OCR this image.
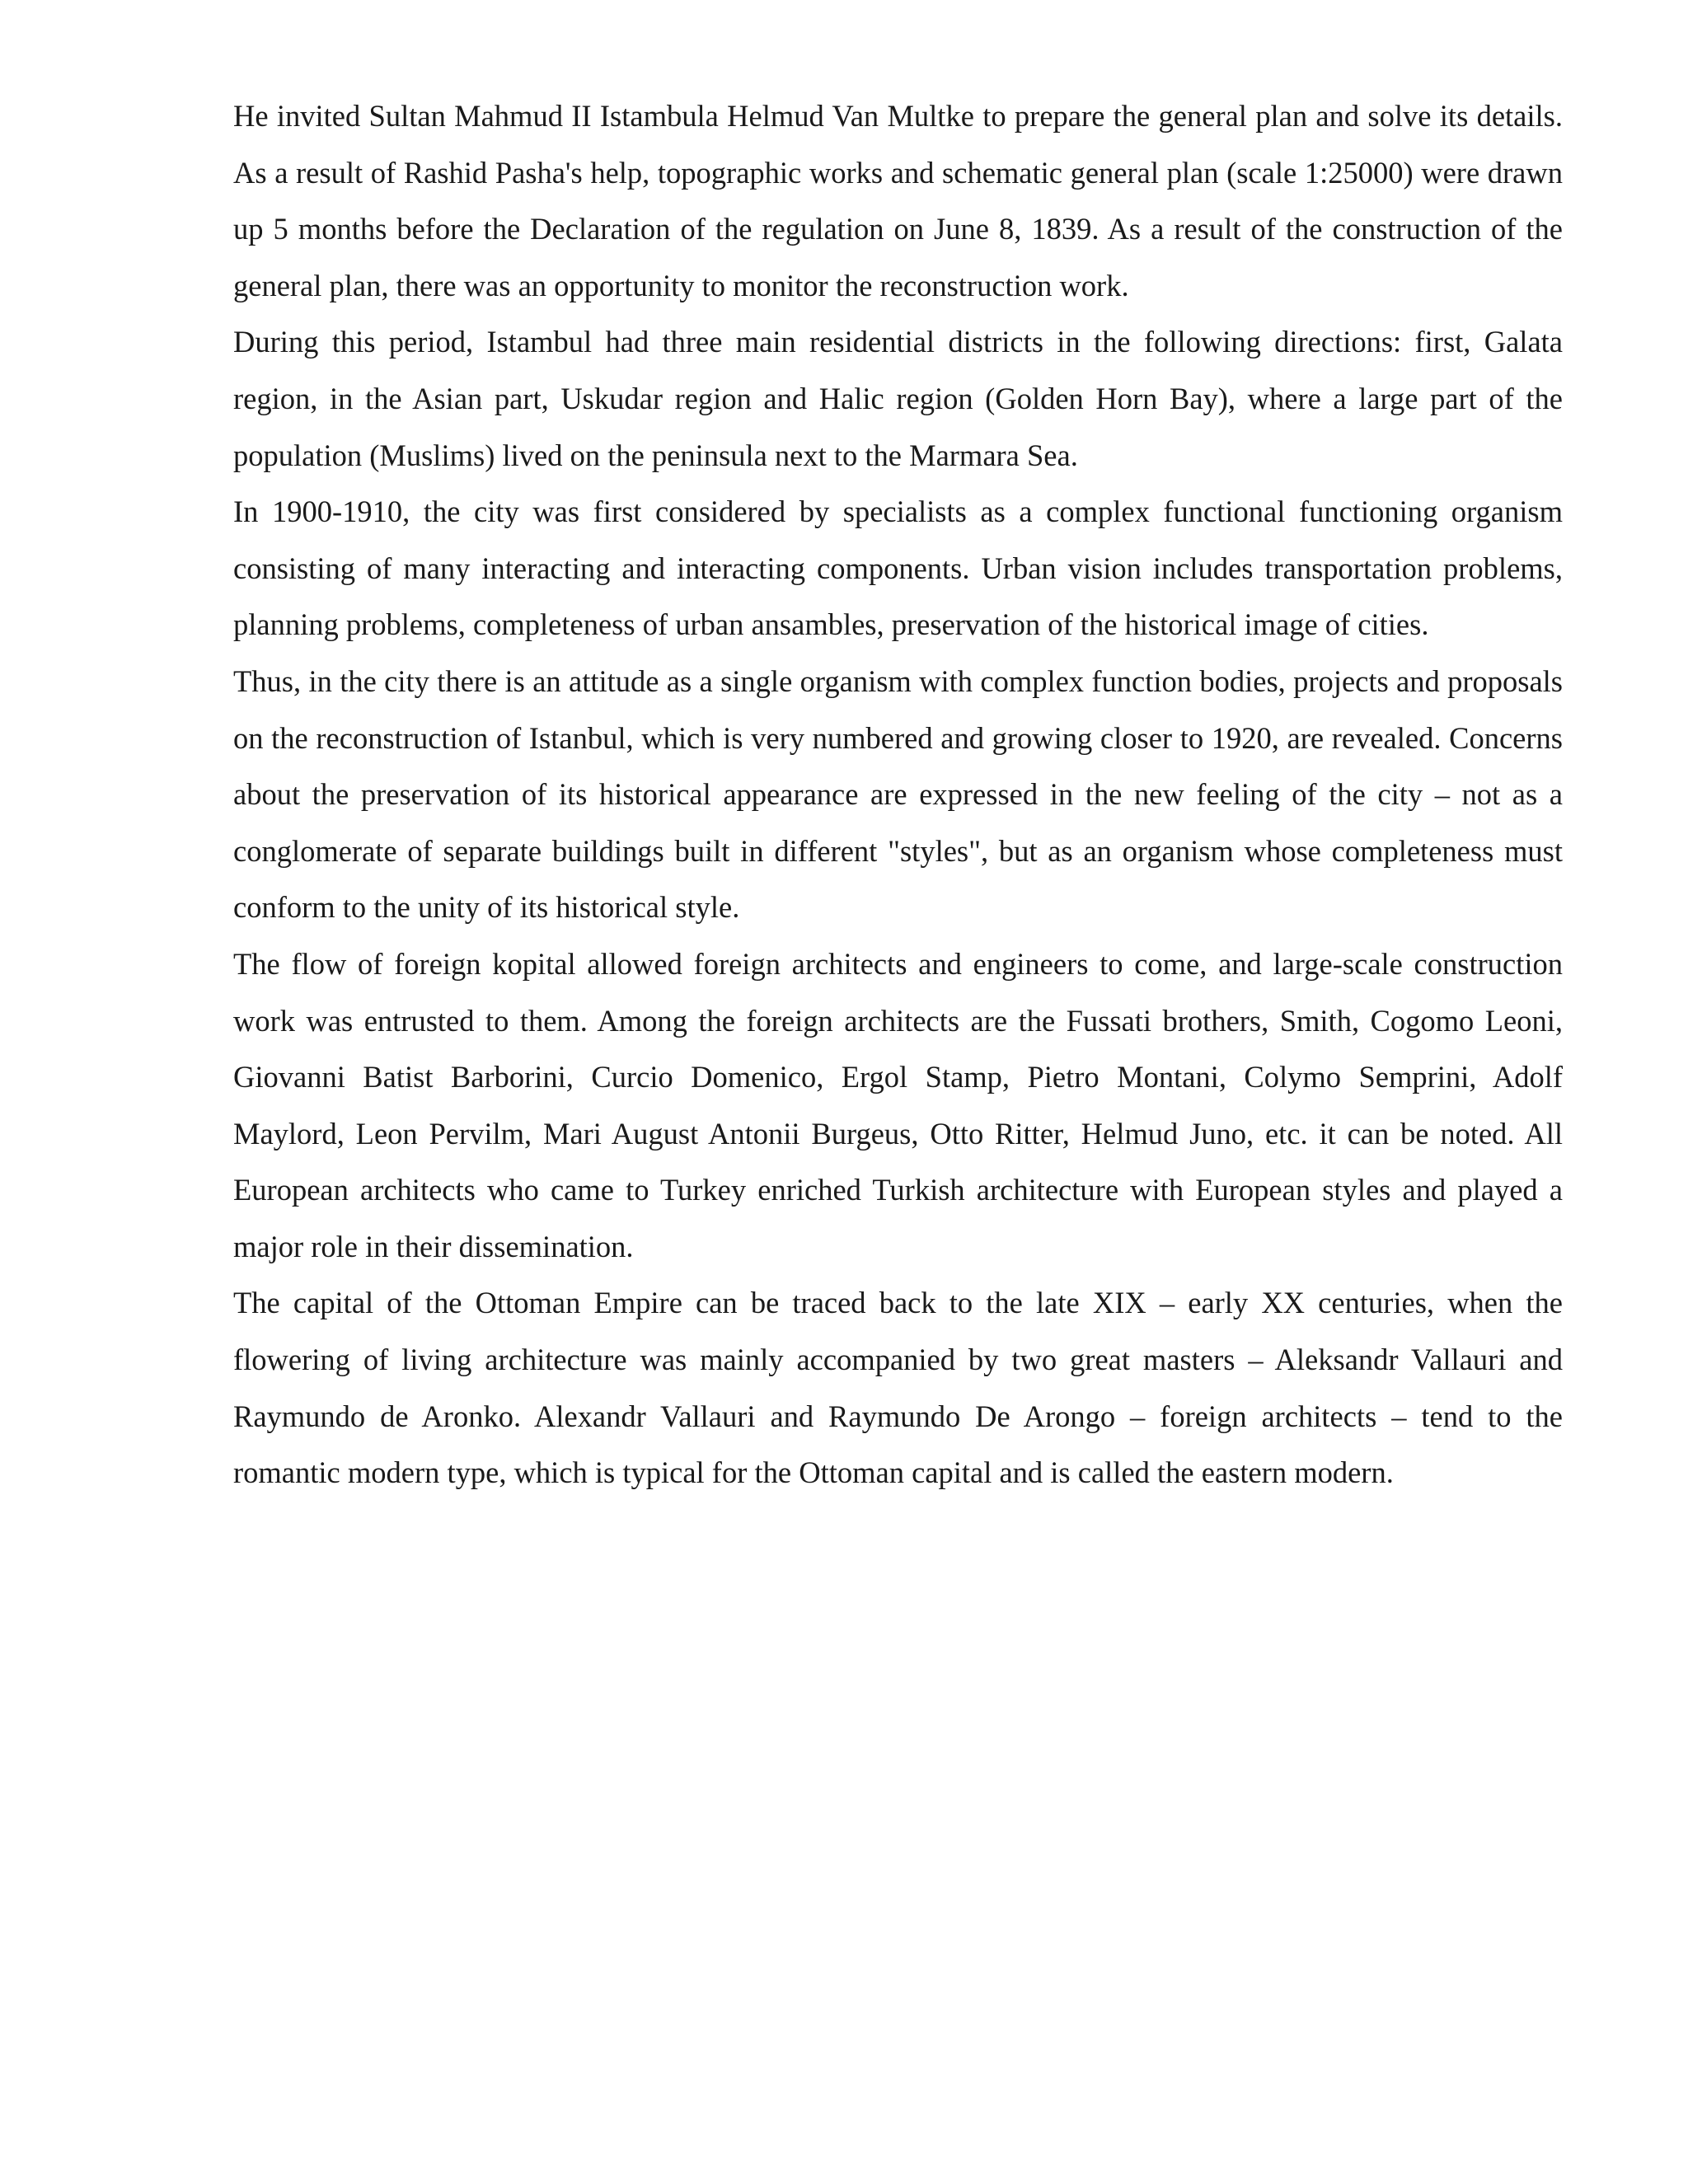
He invited Sultan Mahmud II Istambula Helmud Van Multke to prepare the general plan and solve its details. As a result of Rashid Pasha's help, topographic works and schematic general plan (scale 1:25000) were drawn up 5 months before the Declaration of the regulation on June 8, 1839. As a result of the construction of the general plan, there was an opportunity to monitor the reconstruction work.

During this period, Istambul had three main residential districts in the following directions: first, Galata region, in the Asian part, Uskudar region and Halic region (Golden Horn Bay), where a large part of the population (Muslims) lived on the peninsula next to the Marmara Sea.

In 1900-1910, the city was first considered by specialists as a complex functional functioning organism consisting of many interacting and interacting components. Urban vision includes transportation problems, planning problems, completeness of urban ansambles, preservation of the historical image of cities.

Thus, in the city there is an attitude as a single organism with complex function bodies, projects and proposals on the reconstruction of Istanbul, which is very numbered and growing closer to 1920, are revealed. Concerns about the preservation of its historical appearance are expressed in the new feeling of the city – not as a conglomerate of separate buildings built in different "styles", but as an organism whose completeness must conform to the unity of its historical style.

The flow of foreign kopital allowed foreign architects and engineers to come, and large-scale construction work was entrusted to them. Among the foreign architects are the Fussati brothers, Smith, Cogomo Leoni, Giovanni Batist Barborini, Curcio Domenico, Ergol Stamp, Pietro Montani, Colymo Semprini, Adolf Maylord, Leon Pervilm, Mari August Antonii Burgeus, Otto Ritter, Helmud Juno, etc. it can be noted. All European architects who came to Turkey enriched Turkish architecture with European styles and played a major role in their dissemination.

The capital of the Ottoman Empire can be traced back to the late XIX – early XX centuries, when the flowering of living architecture was mainly accompanied by two great masters – Aleksandr Vallauri and Raymundo de Aronko. Alexandr Vallauri and Raymundo De Arongo – foreign architects – tend to the romantic modern type, which is typical for the Ottoman capital and is called the eastern modern.
